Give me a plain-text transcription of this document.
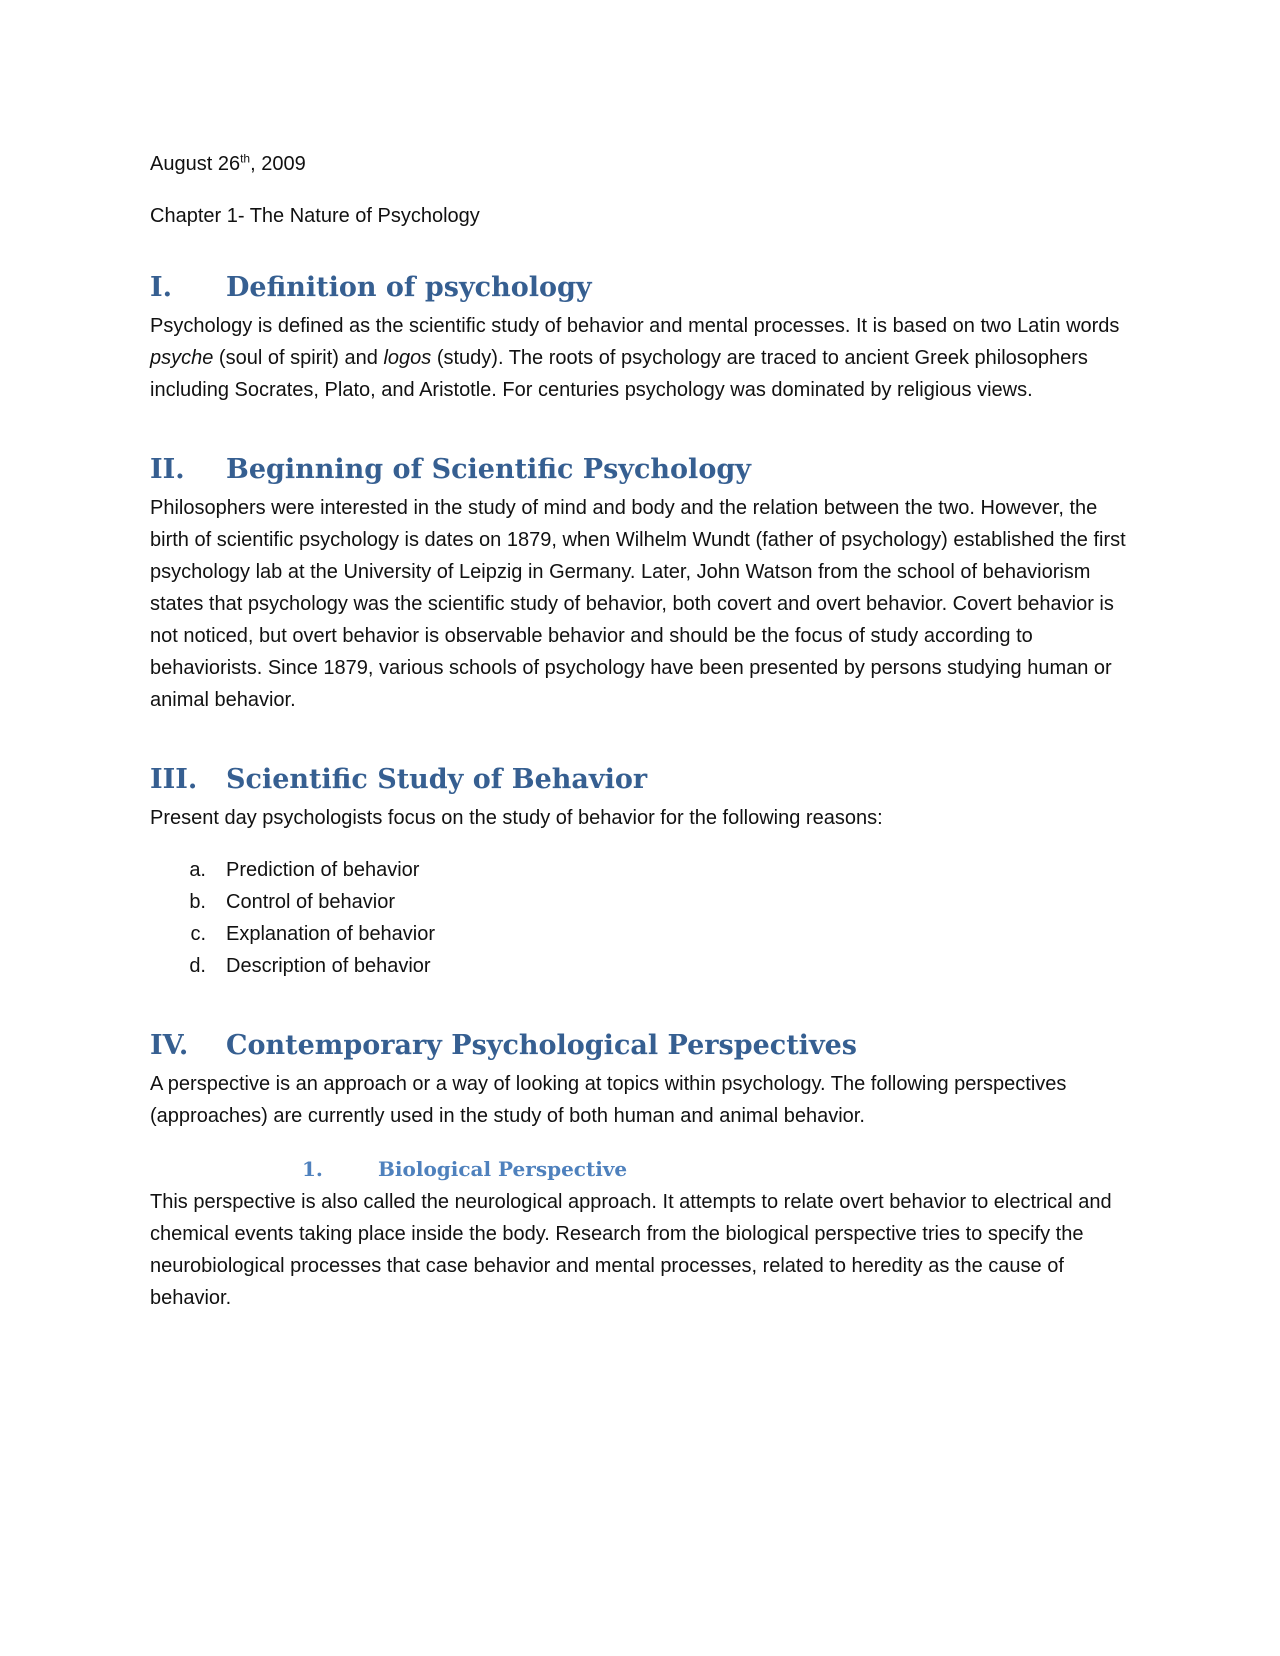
August 26th, 2009

Chapter 1- The Nature of Psychology

I.	Definition of psychology

Psychology is defined as the scientific study of behavior and mental processes. It is based on two Latin words psyche (soul of spirit) and logos (study). The roots of psychology are traced to ancient Greek philosophers including Socrates, Plato, and Aristotle. For centuries psychology was dominated by religious views.

II.	Beginning of Scientific Psychology

Philosophers were interested in the study of mind and body and the relation between the two. However, the birth of scientific psychology is dates on 1879, when Wilhelm Wundt (father of psychology) established the first psychology lab at the University of Leipzig in Germany. Later, John Watson from the school of behaviorism states that psychology was the scientific study of behavior, both covert and overt behavior. Covert behavior is not noticed, but overt behavior is observable behavior and should be the focus of study according to behaviorists. Since 1879, various schools of psychology have been presented by persons studying human or animal behavior.

III.	Scientific Study of Behavior

Present day psychologists focus on the study of behavior for the following reasons:

a.	Prediction of behavior
b.	Control of behavior
c.	Explanation of behavior
d.	Description of behavior
IV.	Contemporary Psychological Perspectives

A perspective is an approach or a way of looking at topics within psychology. The following perspectives (approaches) are currently used in the study of both human and animal behavior.

1.	Biological Perspective

This perspective is also called the neurological approach. It attempts to relate overt behavior to electrical and chemical events taking place inside the body. Research from the biological perspective tries to specify the neurobiological processes that case behavior and mental processes, related to heredity as the cause of behavior.
